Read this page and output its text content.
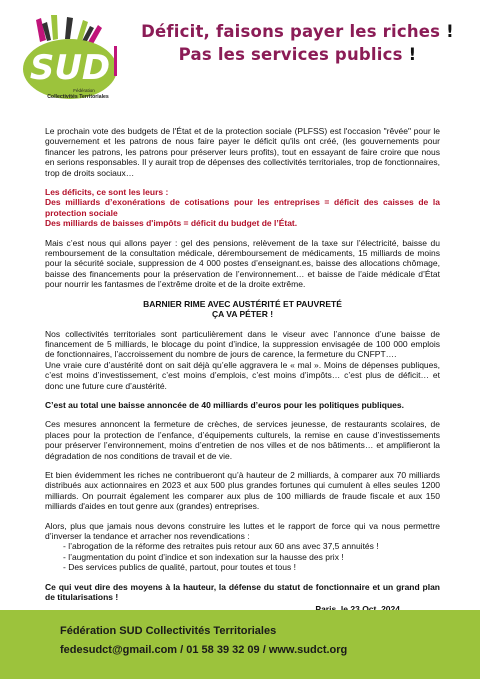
SUD
Fédération
Collectivités Territoriales
Déficit, faisons payer les riches !
Pas les services publics !

Le prochain vote des budgets de l'État et de la protection sociale (PLFSS) est l'occasion "rêvée" pour le gouvernement et les patrons de nous faire payer le déficit qu'ils ont créé, (les gouvernements pour financer les patrons, les patrons pour préserver leurs profits), tout en essayant de faire croire que nous en serions responsables. Il y aurait trop de dépenses des collectivités territoriales, trop de fonctionnaires, trop de droits sociaux…

Les déficits, ce sont les leurs :
Des milliards d’exonérations de cotisations pour les entreprises = déficit des caisses de la protection sociale
Des milliards de baisses d'impôts = déficit du budget de l’État.

Mais c’est nous qui allons payer : gel des pensions, relèvement de la taxe sur l’électricité, baisse du remboursement de la consultation médicale, déremboursement de médicaments, 15 milliards de moins pour la sécurité sociale, suppression de 4 000 postes d’enseignant.es, baisse des allocations chômage, baisse des financements pour la préservation de l’environnement… et baisse de l’aide médicale d’État pour nourrir les fantasmes de l’extrême droite et de la droite extrême.

BARNIER RIME AVEC AUSTÉRITÉ ET PAUVRETÉ
ÇA VA PÉTER !

Nos collectivités territoriales sont particulièrement dans le viseur avec l’annonce d’une baisse de financement de 5 milliards, le blocage du point d’indice, la suppression envisagée de 100 000 emplois de fonctionnaires, l’accroissement du nombre de jours de carence, la fermeture du CNFPT….

Une vraie cure d’austérité dont on sait déjà qu’elle aggravera le « mal ». Moins de dépenses publiques, c’est moins d’investissement, c’est moins d’emplois, c’est moins d’impôts… c’est plus de déficit… et donc une future cure d’austérité.

C’est au total une baisse annoncée de 40 milliards d’euros pour les politiques publiques.

Ces mesures annoncent la fermeture de crèches, de services jeunesse, de restaurants scolaires, de places pour la protection de l’enfance, d’équipements culturels, la remise en cause d’investissements pour préserver l’environnement, moins d’entretien de nos villes et de nos bâtiments… et amplifieront la dégradation de nos conditions de travail et de vie.

Et bien évidemment les riches ne contribueront qu’à hauteur de 2 milliards, à comparer aux 70 milliards distribués aux actionnaires en 2023 et aux 500 plus grandes fortunes qui cumulent à elles seules 1200 milliards. On pourrait également les comparer aux plus de 100 milliards de fraude fiscale et aux 150 milliards d'aides en tout genre aux (grandes) entreprises.

Alors, plus que jamais nous devons construire les luttes et le rapport de force qui va nous permettre d’inverser la tendance et arracher nos revendications :

- l’abrogation de la réforme des retraites puis retour aux 60 ans avec 37,5 annuités !
- l’augmentation du point d’indice et son indexation sur la hausse des prix !
- Des services publics de qualité, partout, pour toutes et tous !

Ce qui veut dire des moyens à la hauteur, la défense du statut de fonctionnaire et un grand plan de titularisations !

Fédération SUD Collectivités Territoriales
fedesudct@gmail.com / 01 58 39 32 09 / www.sudct.org
